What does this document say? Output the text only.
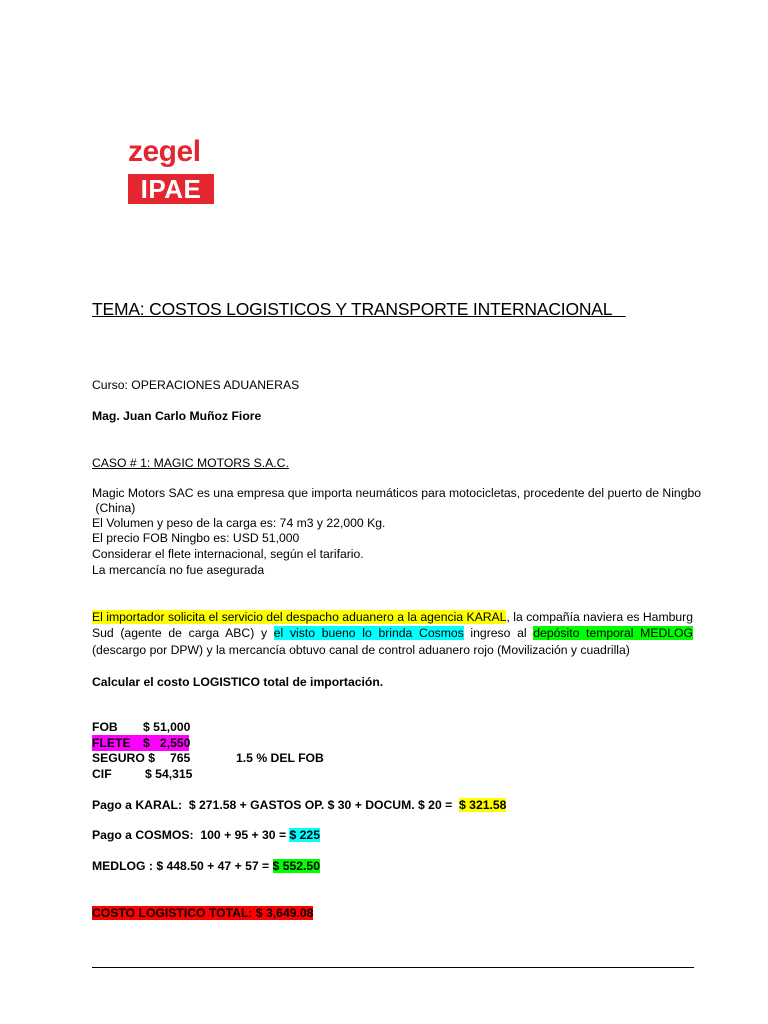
zegel
IPAE
TEMA: COSTOS LOGISTICOS Y TRANSPORTE INTERNACIONAL
Curso: OPERACIONES ADUANERAS
Mag. Juan Carlo Muñoz Fiore
CASO # 1: MAGIC MOTORS S.A.C.
Magic Motors SAC es una empresa que importa neumáticos para motocicletas, procedente del puerto de Ningbo
(China)
El Volumen y peso de la carga es: 74 m3 y 22,000 Kg.
El precio FOB Ningbo es: USD 51,000
Considerar el flete internacional, según el tarifario.
La mercancía no fue asegurada
El importador solicita el servicio del despacho aduanero a la agencia KARAL, la compañía naviera es Hamburg Sud (agente de carga ABC) y el visto bueno lo brinda Cosmos ingreso al depósito temporal MEDLOG (descargo por DPW) y la mercancía obtuvo canal de control aduanero rojo (Movilización y cuadrilla)
Calcular el costo LOGISTICO total de importación.
FOB $ 51,000
FLETE $   2,550
SEGURO $ 765	1.5 % DEL FOB
CIF	$ 54,315
Pago a KARAL:  $ 271.58 + GASTOS OP. $ 30 + DOCUM. $ 20 =  $ 321.58
Pago a COSMOS:  100 + 95 + 30 = $ 225
MEDLOG : $ 448.50 + 47 + 57 = $ 552.50
COSTO LOGISTICO TOTAL: $ 3,649.08
